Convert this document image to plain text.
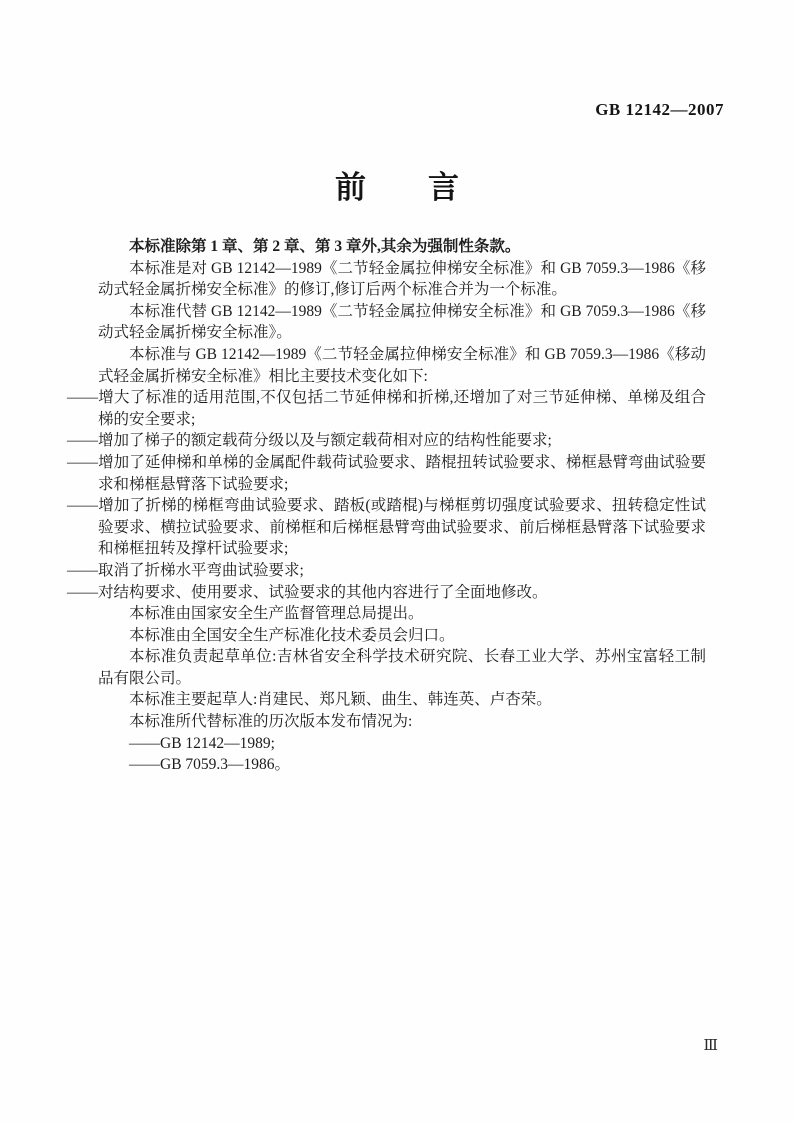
GB 12142—2007
前　　言

本标准除第 1 章、第 2 章、第 3 章外,其余为强制性条款。

本标准是对 GB 12142—1989《二节轻金属拉伸梯安全标准》和 GB 7059.3—1986《移动式轻金属折梯安全标准》的修订,修订后两个标准合并为一个标准。

本标准代替 GB 12142—1989《二节轻金属拉伸梯安全标准》和 GB 7059.3—1986《移动式轻金属折梯安全标准》。

本标准与 GB 12142—1989《二节轻金属拉伸梯安全标准》和 GB 7059.3—1986《移动式轻金属折梯安全标准》相比主要技术变化如下:

——增大了标准的适用范围,不仅包括二节延伸梯和折梯,还增加了对三节延伸梯、单梯及组合梯的安全要求;

——增加了梯子的额定载荷分级以及与额定载荷相对应的结构性能要求;

——增加了延伸梯和单梯的金属配件载荷试验要求、踏棍扭转试验要求、梯框悬臂弯曲试验要求和梯框悬臂落下试验要求;

——增加了折梯的梯框弯曲试验要求、踏板(或踏棍)与梯框剪切强度试验要求、扭转稳定性试验要求、横拉试验要求、前梯框和后梯框悬臂弯曲试验要求、前后梯框悬臂落下试验要求和梯框扭转及撑杆试验要求;

——取消了折梯水平弯曲试验要求;

——对结构要求、使用要求、试验要求的其他内容进行了全面地修改。

本标准由国家安全生产监督管理总局提出。

本标准由全国安全生产标准化技术委员会归口。

本标准负责起草单位:吉林省安全科学技术研究院、长春工业大学、苏州宝富轻工制品有限公司。

本标准主要起草人:肖建民、郑凡颖、曲生、韩连英、卢杏荣。

本标准所代替标准的历次版本发布情况为:

——GB 12142—1989;

——GB 7059.3—1986。

Ⅲ
